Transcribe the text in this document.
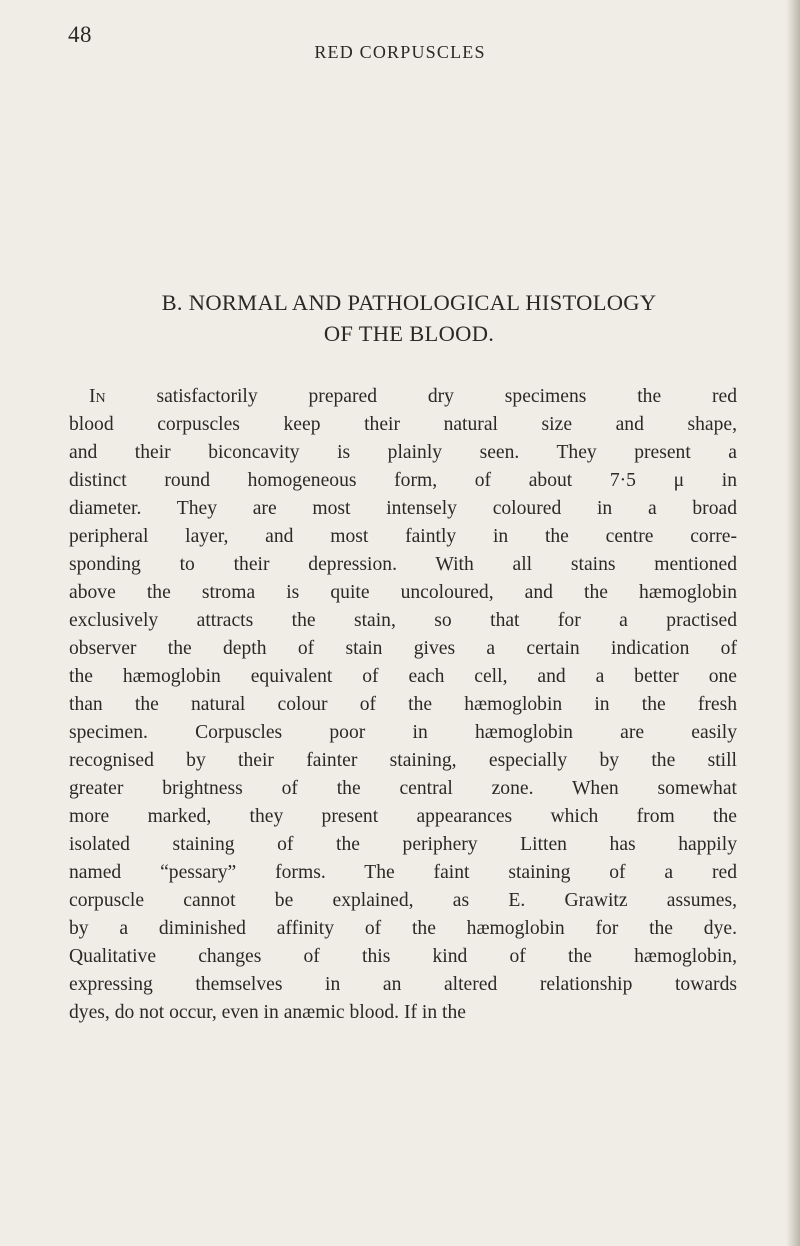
48
RED CORPUSCLES
B. NORMAL AND PATHOLOGICAL HISTOLOGY
OF THE BLOOD.
In	satisfactorily prepared dry specimens the red
blood corpuscles keep their natural size and shape,
and their biconcavity is plainly seen. They present a
distinct round homogeneous form, of about 7·5 μ in
diameter. They are most intensely coloured in a broad
peripheral layer, and most faintly in the centre corre-
sponding to their depression. With all stains mentioned
above the stroma is quite uncoloured, and the hæmoglobin
exclusively attracts the stain, so that for a practised
observer the depth of stain gives a certain indication of
the hæmoglobin equivalent of each cell, and a better one
than the natural colour of the hæmoglobin in the fresh
specimen. Corpuscles poor in hæmoglobin are easily
recognised by their fainter staining, especially by the still
greater brightness of the central zone. When somewhat
more marked, they present appearances which from the
isolated staining of the periphery Litten has happily
named “pessary” forms. The faint staining of a red
corpuscle cannot be explained, as E. Grawitz assumes,
by a diminished affinity of the hæmoglobin for the dye.
Qualitative changes of this kind of the hæmoglobin,
expressing themselves in an altered relationship towards
dyes, do not occur, even in anæmic blood. If in the
